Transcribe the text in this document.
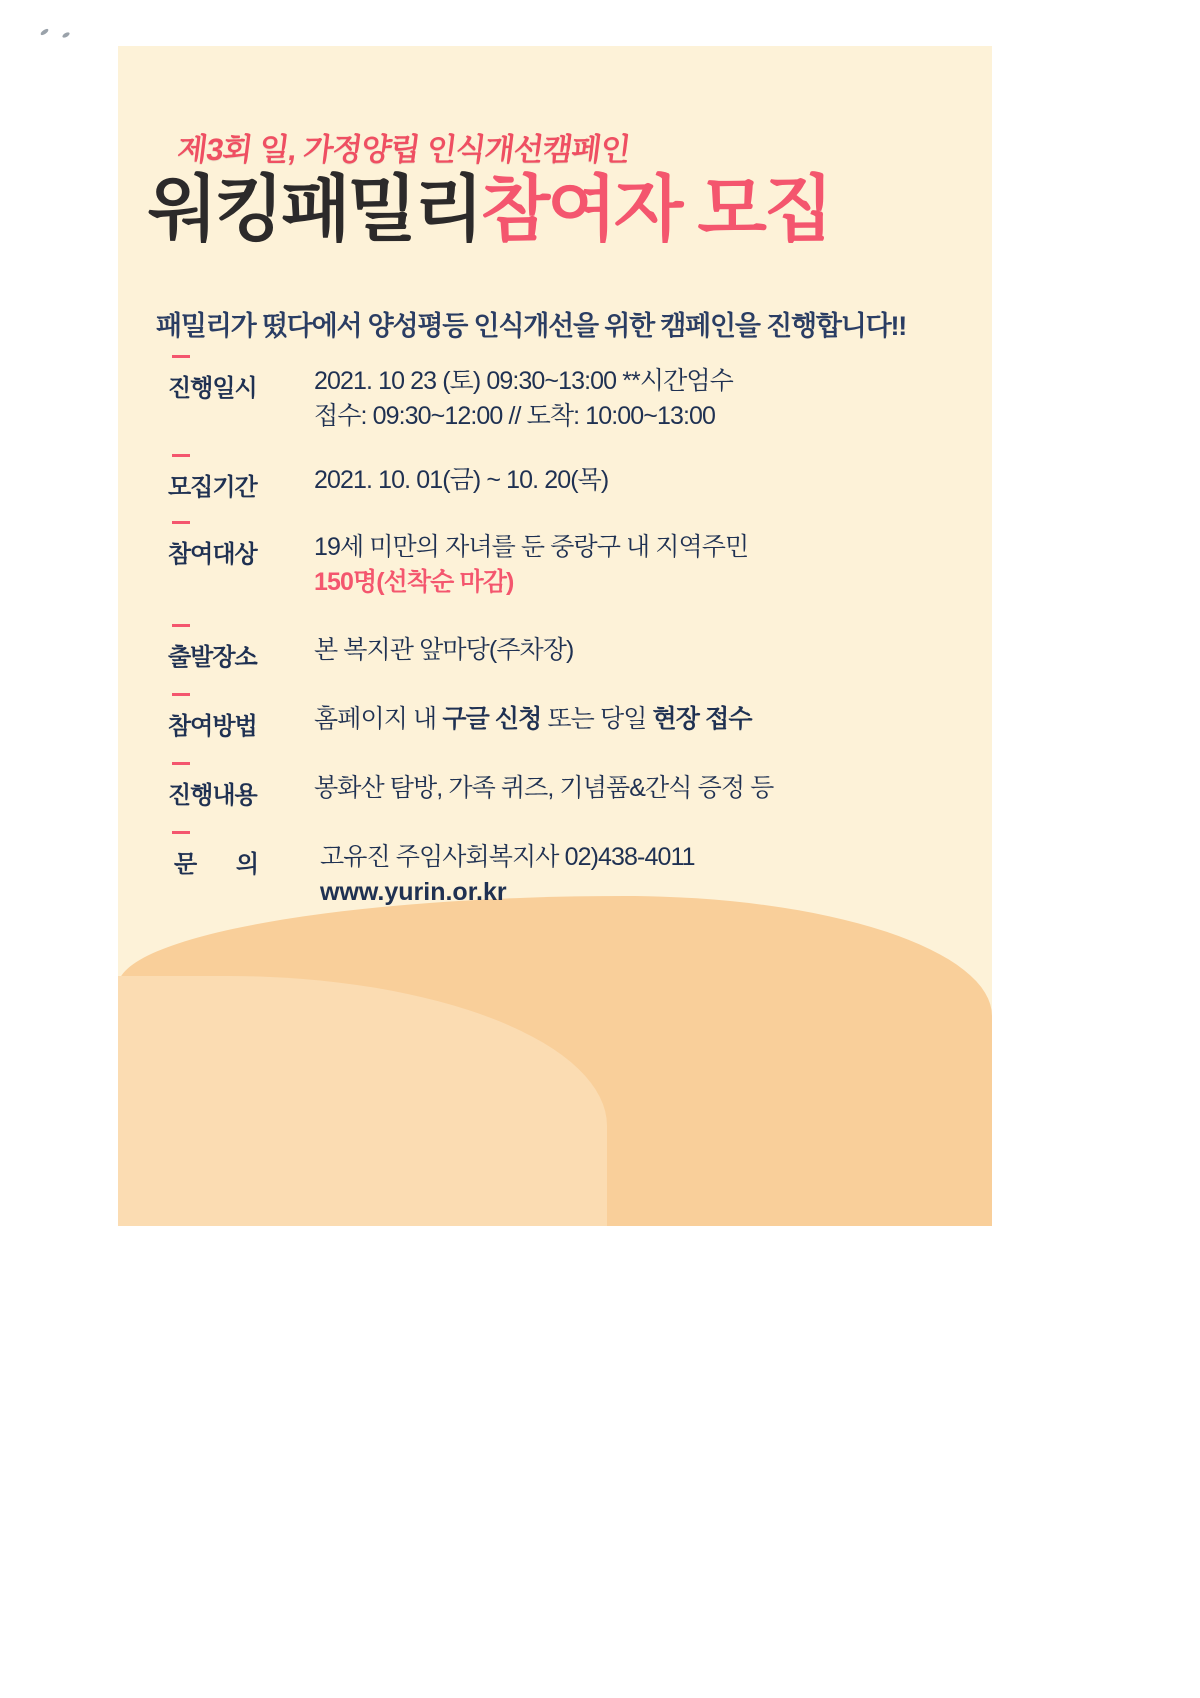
제3회 일, 가정양립 인식개선캠페인
워킹패밀리참여자 모집
패밀리가 떴다에서 양성평등 인식개선을 위한 캠페인을 진행합니다!!
진행일시	2021. 10 23 (토) 09:30~13:00 **시간엄수
접수: 09:30~12:00 // 도착: 10:00~13:00
모집기간	2021. 10. 01(금) ~ 10. 20(목)
참여대상	19세 미만의 자녀를 둔 중랑구 내 지역주민
150명(선착순 마감)
출발장소	본 복지관 앞마당(주차장)
참여방법	홈페이지 내 구글 신청 또는 당일 현장 접수
진행내용	봉화산 탐방, 가족 퀴즈, 기념품&간식 증정 등
문 의	고유진 주임사회복지사 02)438-4011
www.yurin.or.kr
